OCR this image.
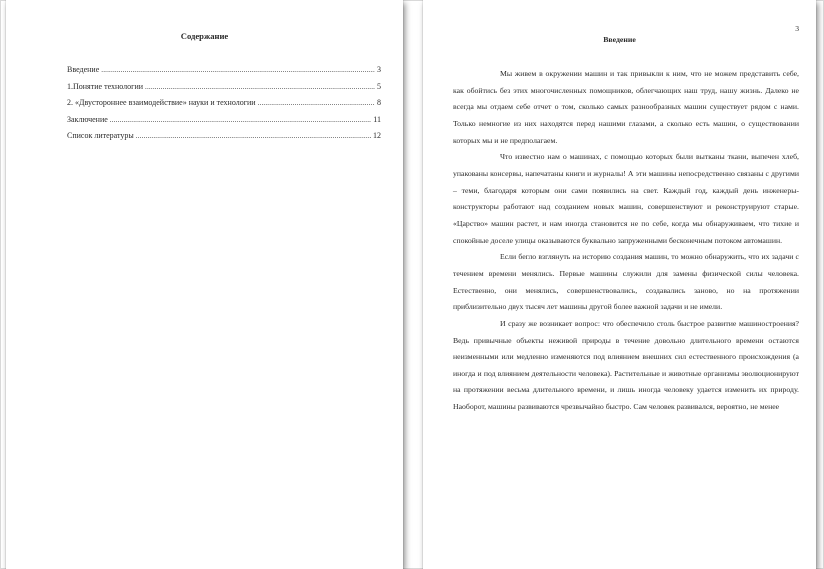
Содержание
Введение .....	3
1.Понятие технологии .....	5
2. «Двустороннее взаимодействие» науки и технологии .....	8
Заключение .....	11
Список литературы .....	12
3
Введение

Мы живем в окружении машин и так привыкли к ним, что не можем представить себе, как обойтись без этих многочисленных помощников, облегчающих наш труд, нашу жизнь. Далеко не всегда мы отдаем себе отчет о том, сколько самых разнообразных машин существует рядом с нами. Только немногие из них находятся перед нашими глазами, а сколько есть машин, о существовании которых мы и не предполагаем.

Что известно нам о машинах, с помощью которых были вытканы ткани, выпечен хлеб, упакованы консервы, напечатаны книги и журналы! А эти машины непосредственно связаны с другими – теми, благодаря которым они сами появились на свет. Каждый год, каждый день инженеры-конструкторы работают над созданием новых машин, совершенствуют и реконструируют старые. «Царство» машин растет, и нам иногда становится не по себе, когда мы обнаруживаем, что тихие и спокойные доселе улицы оказываются буквально запруженными бесконечным потоком автомашин.

Если бегло взглянуть на историю создания машин, то можно обнаружить, что их задачи с течением времени менялись. Первые машины служили для замены физической силы человека. Естественно, они менялись, совершенствовались, создавались заново, но на протяжении приблизительно двух тысяч лет машины другой более важной задачи и не имели.

И сразу же возникает вопрос: что обеспечило столь быстрое развитие машиностроения? Ведь привычные объекты неживой природы в течение довольно длительного времени остаются неизменными или медленно изменяются под влиянием внешних сил естественного происхождения (а иногда и под влиянием деятельности человека). Растительные и животные организмы эволюционируют на протяжении весьма длительного времени, и лишь иногда человеку удается изменить их природу. Наоборот, машины развиваются чрезвычайно быстро. Сам человек развивался, вероятно, не менее
